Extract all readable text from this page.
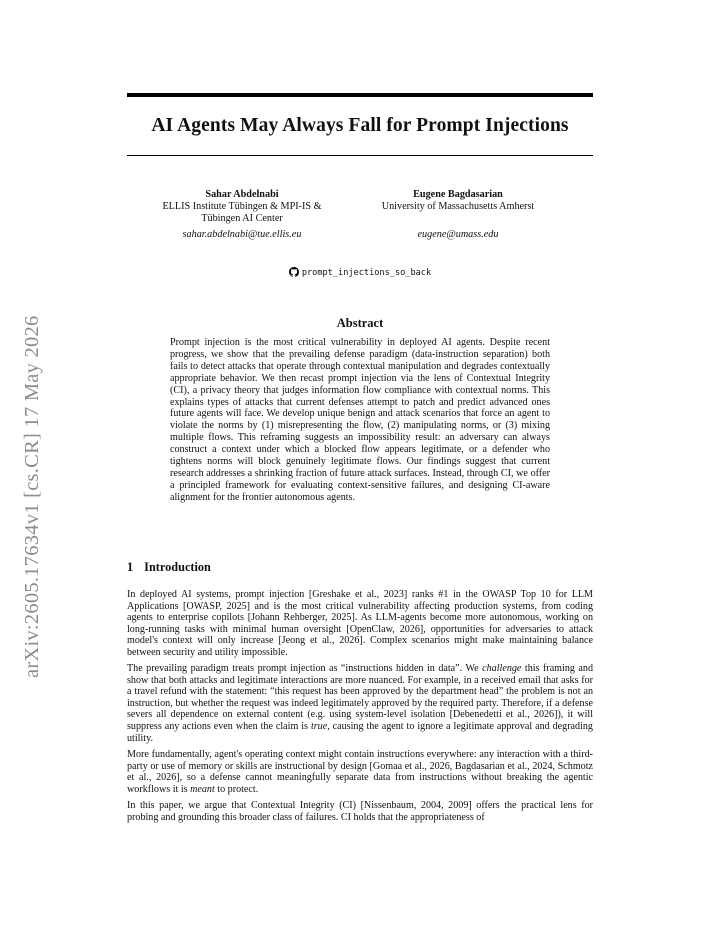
arXiv:2605.17634v1 [cs.CR] 17 May 2026
AI Agents May Always Fall for Prompt Injections
Sahar Abdelnabi
ELLIS Institute Tübingen & MPI-IS & Tübingen AI Center
sahar.abdelnabi@tue.ellis.eu
Eugene Bagdasarian
University of Massachusetts Amherst
eugene@umass.edu
prompt_injections_so_back
Abstract
Prompt injection is the most critical vulnerability in deployed AI agents. Despite recent progress, we show that the prevailing defense paradigm (data-instruction separation) both fails to detect attacks that operate through contextual manipulation and degrades contextually appropriate behavior. We then recast prompt injection via the lens of Contextual Integrity (CI), a privacy theory that judges information flow compliance with contextual norms. This explains types of attacks that current defenses attempt to patch and predict advanced ones future agents will face. We develop unique benign and attack scenarios that force an agent to violate the norms by (1) misrepresenting the flow, (2) manipulating norms, or (3) mixing multiple flows. This reframing suggests an impossibility result: an adversary can always construct a context under which a blocked flow appears legitimate, or a defender who tightens norms will block genuinely legitimate flows. Our findings suggest that current research addresses a shrinking fraction of future attack surfaces. Instead, through CI, we offer a principled framework for evaluating context-sensitive failures, and designing CI-aware alignment for the frontier autonomous agents.
1 Introduction

In deployed AI systems, prompt injection [Greshake et al., 2023] ranks #1 in the OWASP Top 10 for LLM Applications [OWASP, 2025] and is the most critical vulnerability affecting production systems, from coding agents to enterprise copilots [Johann Rehberger, 2025]. As LLM-agents become more autonomous, working on long-running tasks with minimal human oversight [OpenClaw, 2026], opportunities for adversaries to attack model's context will only increase [Jeong et al., 2026]. Complex scenarios might make maintaining balance between security and utility impossible.

The prevailing paradigm treats prompt injection as “instructions hidden in data”. We challenge this framing and show that both attacks and legitimate interactions are more nuanced. For example, in a received email that asks for a travel refund with the statement: “this request has been approved by the department head” the problem is not an instruction, but whether the request was indeed legitimately approved by the required party. Therefore, if a defense severs all dependence on external content (e.g. using system-level isolation [Debenedetti et al., 2026]), it will suppress any actions even when the claim is true, causing the agent to ignore a legitimate approval and degrading utility.

More fundamentally, agent's operating context might contain instructions everywhere: any interaction with a third-party or use of memory or skills are instructional by design [Gomaa et al., 2026, Bagdasarian et al., 2024, Schmotz et al., 2026], so a defense cannot meaningfully separate data from instructions without breaking the agentic workflows it is meant to protect.

In this paper, we argue that Contextual Integrity (CI) [Nissenbaum, 2004, 2009] offers the practical lens for probing and grounding this broader class of failures. CI holds that the appropriateness of
